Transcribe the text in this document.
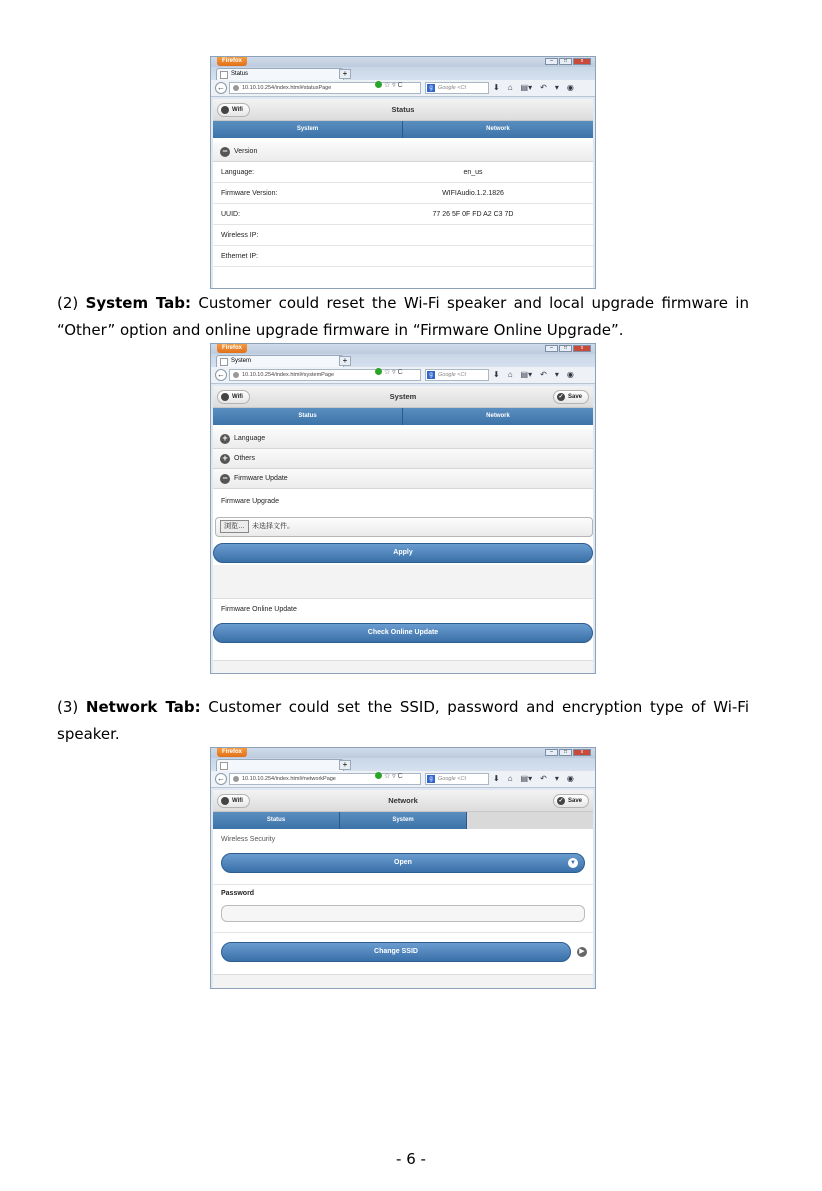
Firefox	–	□	x
Status	+
←	10.10.10.254/index.html#statusPage	☆ ▿ C	g Google <Ct	⬇ ⌂ ▤▾ ↶ ▾ ◉
Status
Wifi
System	Network
− Version
Language:	en_us
Firmware Version:	WIFIAudio.1.2.1826
UUID:	77 26 5F 0F FD A2 C3 7D
Wireless IP:
Ethernet IP:
(2) System Tab: Customer could reset the Wi-Fi speaker and local upgrade firmware in “Other” option and online upgrade firmware in “Firmware Online Upgrade”.
Firefox	–	□	x
System	+
←	10.10.10.254/index.html#systemPage	☆ ▿ C	g Google <Ct	⬇ ⌂ ▤▾ ↶ ▾ ◉
System
Wifi	✓ Save
Status	Network
+ Language
+ Others
− Firmware Update
Firmware Upgrade
浏览… 未选择文件。
Apply
Firmware Online Update
Check Online Update
(3) Network Tab: Customer could set the SSID, password and encryption type of Wi-Fi speaker.
Firefox	–	□	x
+
←	10.10.10.254/index.html#networkPage	☆ ▿ C	g Google <Ct	⬇ ⌂ ▤▾ ↶ ▾ ◉
Network
Wifi	✓ Save
Status	System
Wireless Security
Open	▼
Password
Change SSID	▶
- 6 -
